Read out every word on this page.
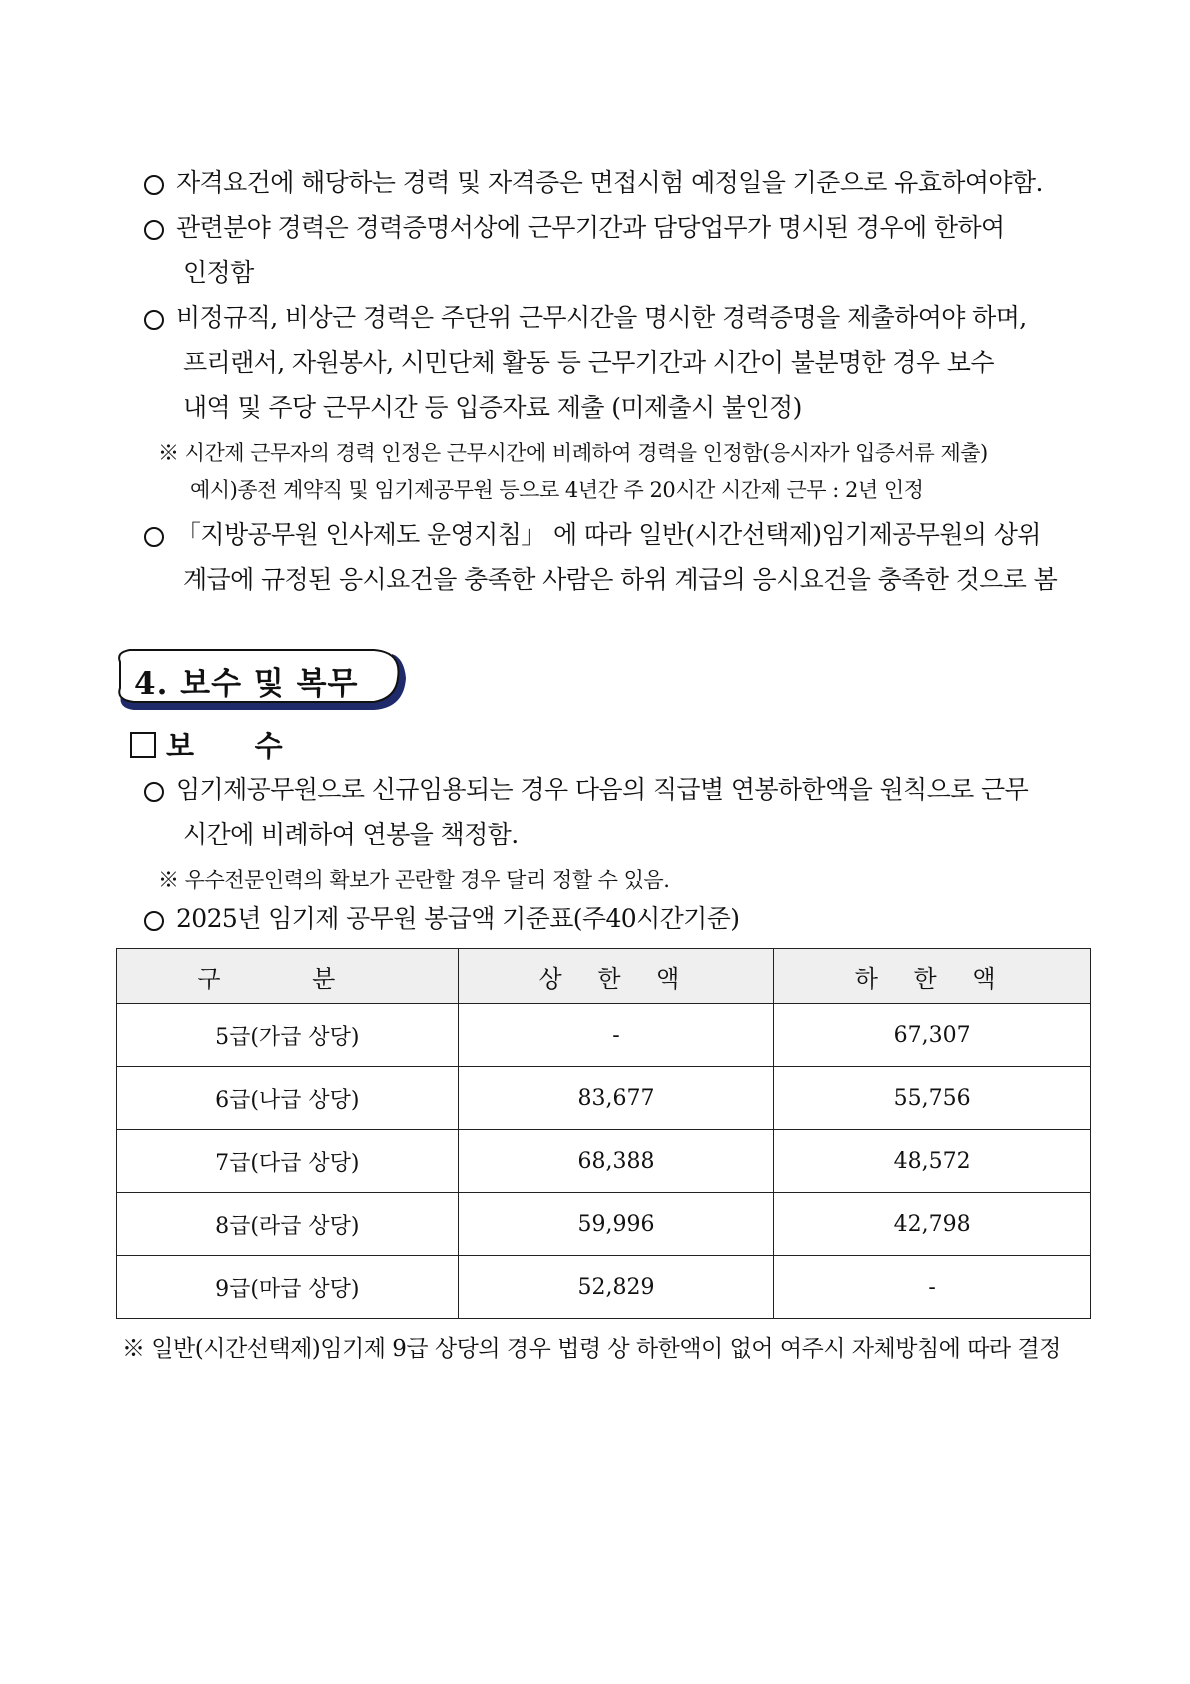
자격요건에 해당하는 경력 및 자격증은 면접시험 예정일을 기준으로 유효하여야함.
관련분야 경력은 경력증명서상에 근무기간과 담당업무가 명시된 경우에 한하여
인정함
비정규직, 비상근 경력은 주단위 근무시간을 명시한 경력증명을 제출하여야 하며,
프리랜서, 자원봉사, 시민단체 활동 등 근무기간과 시간이 불분명한 경우 보수
내역 및 주당 근무시간 등 입증자료 제출 (미제출시 불인정)
※ 시간제 근무자의 경력 인정은 근무시간에 비례하여 경력을 인정함(응시자가 입증서류 제출)
예시)종전 계약직 및 임기제공무원 등으로 4년간 주 20시간 시간제 근무 : 2년 인정
「지방공무원 인사제도 운영지침」 에 따라 일반(시간선택제)임기제공무원의 상위
계급에 규정된 응시요건을 충족한 사람은 하위 계급의 응시요건을 충족한 것으로 봄
4. 보수 및 복무
보      수
임기제공무원으로 신규임용되는 경우 다음의 직급별 연봉하한액을 원칙으로 근무
시간에 비례하여 연봉을 책정함.
※ 우수전문인력의 확보가 곤란할 경우 달리 정할 수 있음.
2025년 임기제 공무원 봉급액 기준표(주40시간기준)
구 분	상 한 액	하 한 액
5급(가급 상당)	-	67,307
6급(나급 상당)	83,677	55,756
7급(다급 상당)	68,388	48,572
8급(라급 상당)	59,996	42,798
9급(마급 상당)	52,829	-
※ 일반(시간선택제)임기제 9급 상당의 경우 법령 상 하한액이 없어 여주시 자체방침에 따라 결정
